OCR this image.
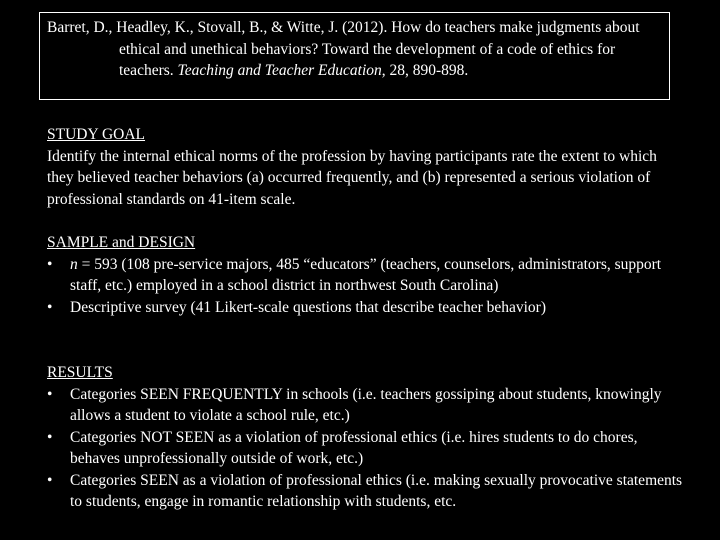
Barret, D., Headley, K., Stovall, B., & Witte, J. (2012). How do teachers make judgments about ethical and unethical behaviors? Toward the development of a code of ethics for teachers. Teaching and Teacher Education, 28, 890-898.

STUDY GOAL

Identify the internal ethical norms of the profession by having participants rate the extent to which they believed teacher behaviors (a) occurred frequently, and (b) represented a serious violation of professional standards on 41-item scale.

SAMPLE and DESIGN

• n = 593 (108 pre-service majors, 485 “educators” (teachers, counselors, administrators, support staff, etc.) employed in a school district in northwest South Carolina)
• Descriptive survey (41 Likert-scale questions that describe teacher behavior)

RESULTS

• Categories SEEN FREQUENTLY in schools (i.e. teachers gossiping about students, knowingly allows a student to violate a school rule, etc.)
• Categories NOT SEEN as a violation of professional ethics (i.e. hires students to do chores, behaves unprofessionally outside of work, etc.)
• Categories SEEN as a violation of professional ethics (i.e. making sexually provocative statements to students, engage in romantic relationship with students, etc.
